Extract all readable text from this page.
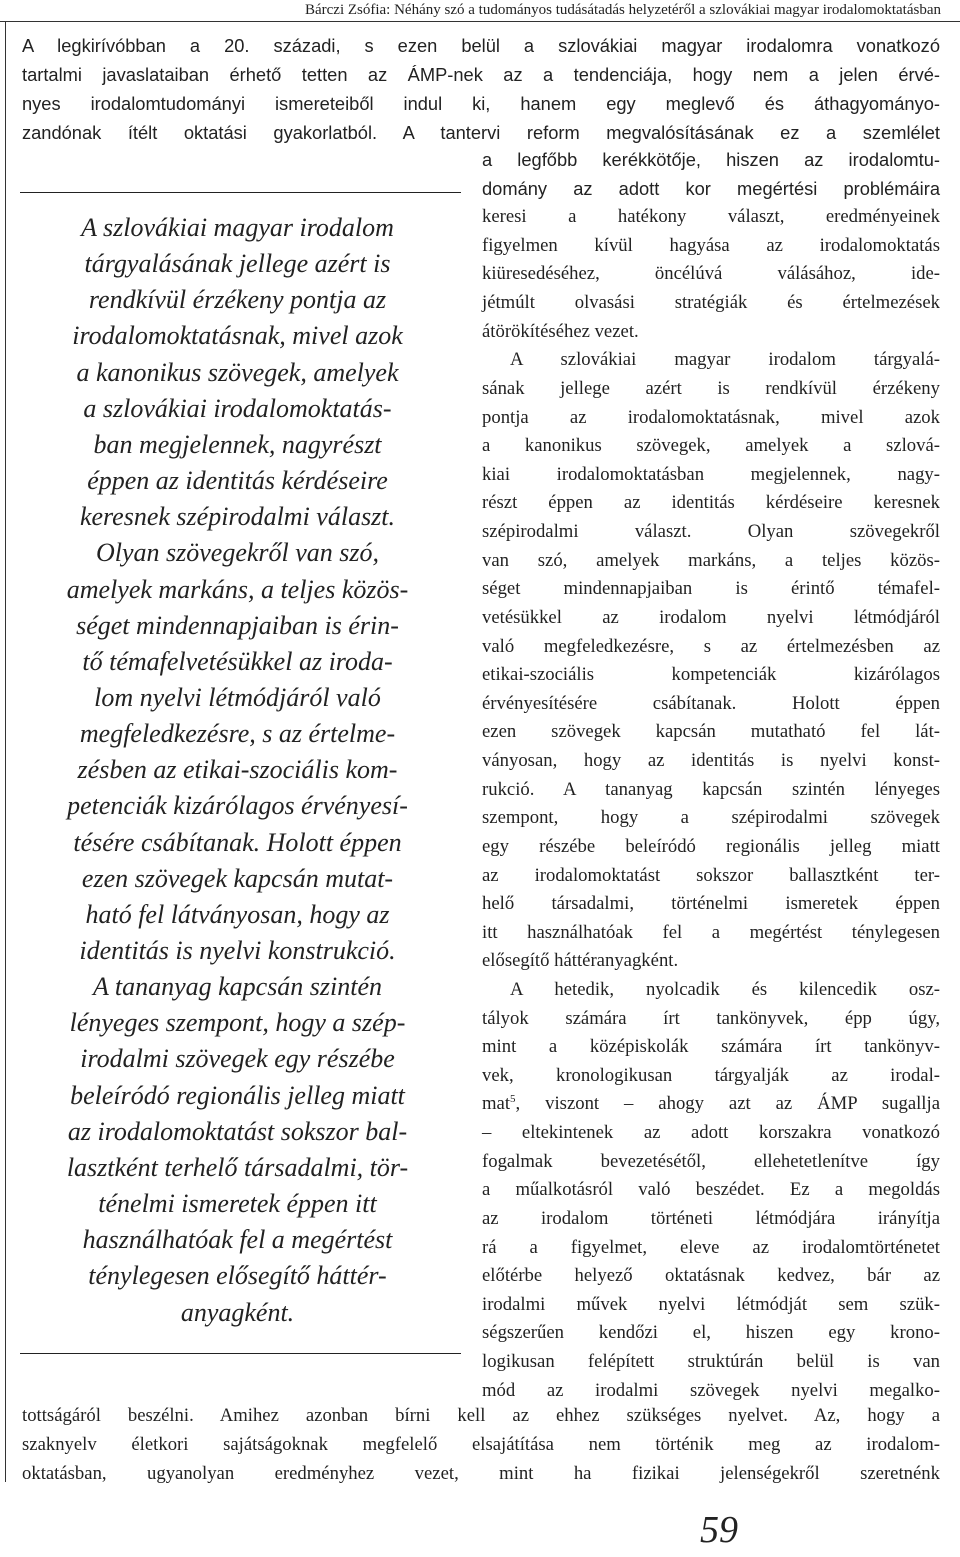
Bárczi Zsófia: Néhány szó a tudományos tudásátadás helyzetéről a szlovákiai magyar irodalomoktatásban
A legkirívóbban a 20. századi, s ezen belül a szlovákiai magyar irodalomra vonatkozó
tartalmi javaslataiban érhető tetten az ÁMP-nek az a tendenciája, hogy nem a jelen érvé-
nyes irodalomtudományi ismereteiből indul ki, hanem egy meglevő és áthagyományo-
zandónak ítélt oktatási gyakorlatból. A tantervi reform megvalósításának ez a szemlélet
A szlovákiai magyar irodalom
tárgyalásának jellege azért is
rendkívül érzékeny pontja az
irodalomoktatásnak, mivel azok
a kanonikus szövegek, amelyek
a szlovákiai irodalomoktatás-
ban megjelennek, nagyrészt
éppen az identitás kérdéseire
keresnek szépirodalmi választ.
Olyan szövegekről van szó,
amelyek markáns, a teljes közös-
séget mindennapjaiban is érin-
tő témafelvetésükkel az iroda-
lom nyelvi létmódjáról való
megfeledkezésre, s az értelme-
zésben az etikai-szociális kom-
petenciák kizárólagos érvényesí-
tésére csábítanak. Holott éppen
ezen szövegek kapcsán mutat-
ható fel látványosan, hogy az
identitás is nyelvi konstrukció.
A tananyag kapcsán szintén
lényeges szempont, hogy a szép-
irodalmi szövegek egy részébe
beleíródó regionális jelleg miatt
az irodalomoktatást sokszor bal-
lasztként terhelő társadalmi, tör-
ténelmi ismeretek éppen itt
használhatóak fel a megértést
ténylegesen elősegítő háttér-
anyagként.
a legfőbb kerékkötője, hiszen az irodalomtu-
domány az adott kor megértési problémáira
keresi a hatékony választ, eredményeinek
figyelmen kívül hagyása az irodalomoktatás
kiüresedéséhez, öncélúvá válásához, ide-
jétmúlt olvasási stratégiák és értelmezések
átörökítéséhez vezet.
A szlovákiai magyar irodalom tárgyalá-
sának jellege azért is rendkívül érzékeny
pontja az irodalomoktatásnak, mivel azok
a kanonikus szövegek, amelyek a szlová-
kiai irodalomoktatásban megjelennek, nagy-
részt éppen az identitás kérdéseire keresnek
szépirodalmi választ. Olyan szövegekről
van szó, amelyek markáns, a teljes közös-
séget mindennapjaiban is érintő témafel-
vetésükkel az irodalom nyelvi létmódjáról
való megfeledkezésre, s az értelmezésben az
etikai-szociális kompetenciák kizárólagos
érvényesítésére csábítanak. Holott éppen
ezen szövegek kapcsán mutatható fel lát-
ványosan, hogy az identitás is nyelvi konst-
rukció. A tananyag kapcsán szintén lényeges
szempont, hogy a szépirodalmi szövegek
egy részébe beleíródó regionális jelleg miatt
az irodalomoktatást sokszor ballasztként ter-
helő társadalmi, történelmi ismeretek éppen
itt használhatóak fel a megértést ténylegesen
elősegítő háttéranyagként.
A hetedik, nyolcadik és kilencedik osz-
tályok számára írt tankönyvek, épp úgy,
mint a középiskolák számára írt tankönyv-
vek, kronologikusan tárgyalják az irodal-
mat$^5$, viszont – ahogy azt az ÁMP sugallja
– eltekintenek az adott korszakra vonatkozó
fogalmak bevezetésétől, ellehetetlenítve így
a műalkotásról való beszédet. Ez a megoldás
az irodalom történeti létmódjára irányítja
rá a figyelmet, eleve az irodalomtörténetet
előtérbe helyező oktatásnak kedvez, bár az
irodalmi művek nyelvi létmódját sem szük-
ségszerűen kendőzi el, hiszen egy krono-
logikusan felépített struktúrán belül is van
mód az irodalmi szövegek nyelvi megalko-
tottságáról beszélni. Amihez azonban bírni kell az ehhez szükséges nyelvet. Az, hogy a
szaknyelv életkori sajátságoknak megfelelő elsajátítása nem történik meg az irodalom-
oktatásban, ugyanolyan eredményhez vezet, mint ha fizikai jelenségekről szeretnénk
59
